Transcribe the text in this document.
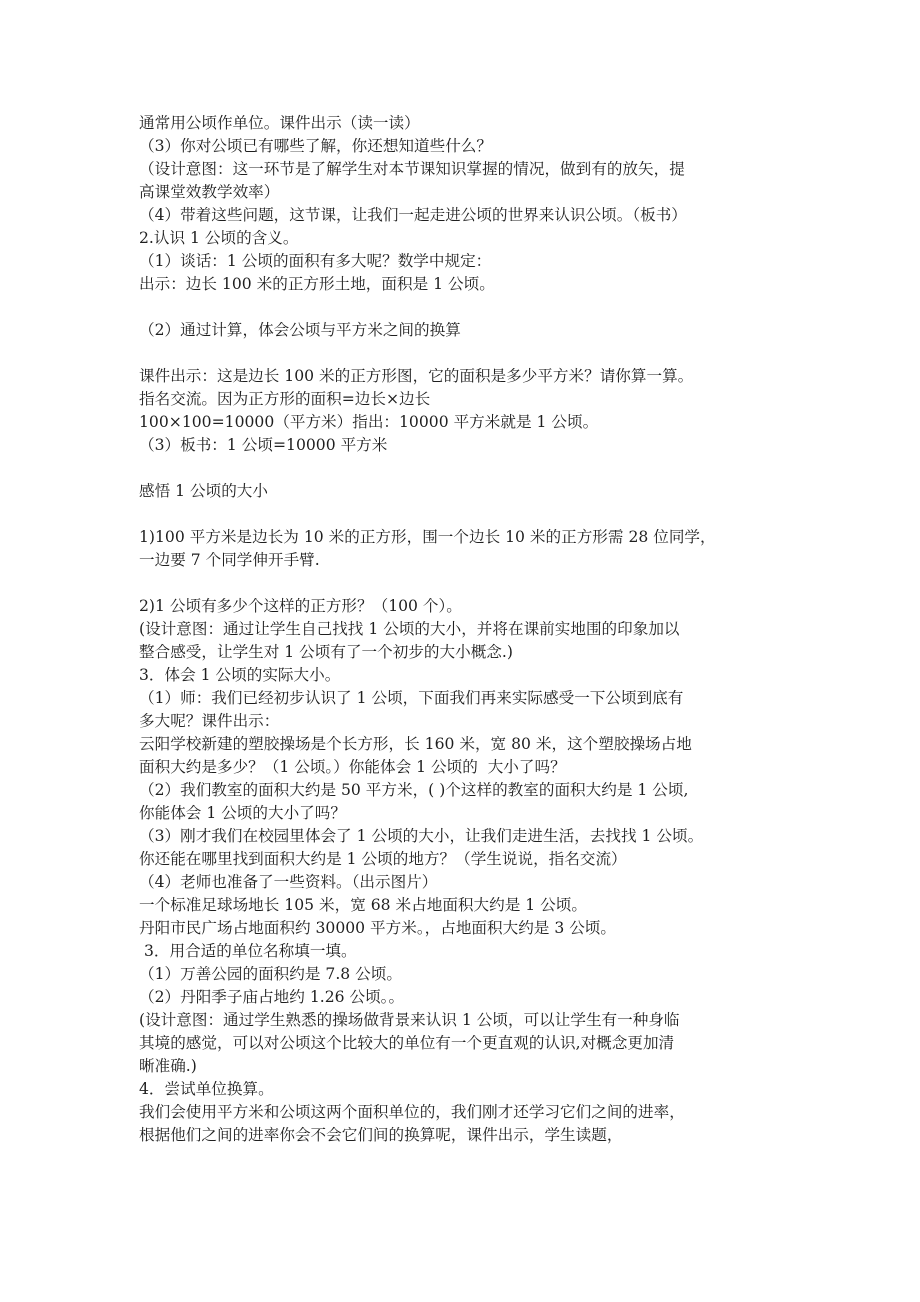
通常用公顷作单位。课件出示（读一读）
（3）你对公顷已有哪些了解，你还想知道些什么？
（设计意图：这一环节是了解学生对本节课知识掌握的情况，做到有的放矢，提
高课堂效教学效率）
（4）带着这些问题，这节课，让我们一起走进公顷的世界来认识公顷。（板书）
2.认识 1 公顷的含义。
（1）谈话：1 公顷的面积有多大呢？数学中规定：
出示：边长 100 米的正方形土地，面积是 1 公顷。
（2）通过计算，体会公顷与平方米之间的换算
课件出示：这是边长 100 米的正方形图，它的面积是多少平方米？请你算一算。
指名交流。因为正方形的面积=边长×边长
100×100=10000（平方米）指出：10000 平方米就是 1 公顷。
（3）板书：1 公顷=10000 平方米
感悟 1 公顷的大小
1)100 平方米是边长为 10 米的正方形，围一个边长 10 米的正方形需 28 位同学，
一边要 7 个同学伸开手臂.
2)1 公顷有多少个这样的正方形？（100 个）。
(设计意图：通过让学生自己找找 1 公顷的大小，并将在课前实地围的印象加以
整合感受，让学生对 1 公顷有了一个初步的大小概念.)
3．体会 1 公顷的实际大小。
（1）师：我们已经初步认识了 1 公顷，下面我们再来实际感受一下公顷到底有
多大呢？课件出示：
云阳学校新建的塑胶操场是个长方形，长 160 米，宽 80 米，这个塑胶操场占地
面积大约是多少？（1 公顷。）你能体会 1 公顷的  大小了吗？
（2）我们教室的面积大约是 50 平方米，( )个这样的教室的面积大约是 1 公顷,
你能体会 1 公顷的大小了吗？
（3）刚才我们在校园里体会了 1 公顷的大小，让我们走进生活，去找找 1 公顷。
你还能在哪里找到面积大约是 1 公顷的地方？（学生说说，指名交流）
（4）老师也准备了一些资料。（出示图片）
一个标准足球场地长 105 米，宽 68 米占地面积大约是 1 公顷。
丹阳市民广场占地面积约 30000 平方米。，占地面积大约是 3 公顷。
3．用合适的单位名称填一填。
（1）万善公园的面积约是 7.8 公顷。
（2）丹阳季子庙占地约 1.26 公顷。。
(设计意图：通过学生熟悉的操场做背景来认识 1 公顷，可以让学生有一种身临
其境的感觉，可以对公顷这个比较大的单位有一个更直观的认识,对概念更加清
晰准确.)
4．尝试单位换算。
我们会使用平方米和公顷这两个面积单位的，我们刚才还学习它们之间的进率，
根据他们之间的进率你会不会它们间的换算呢，课件出示，学生读题，
